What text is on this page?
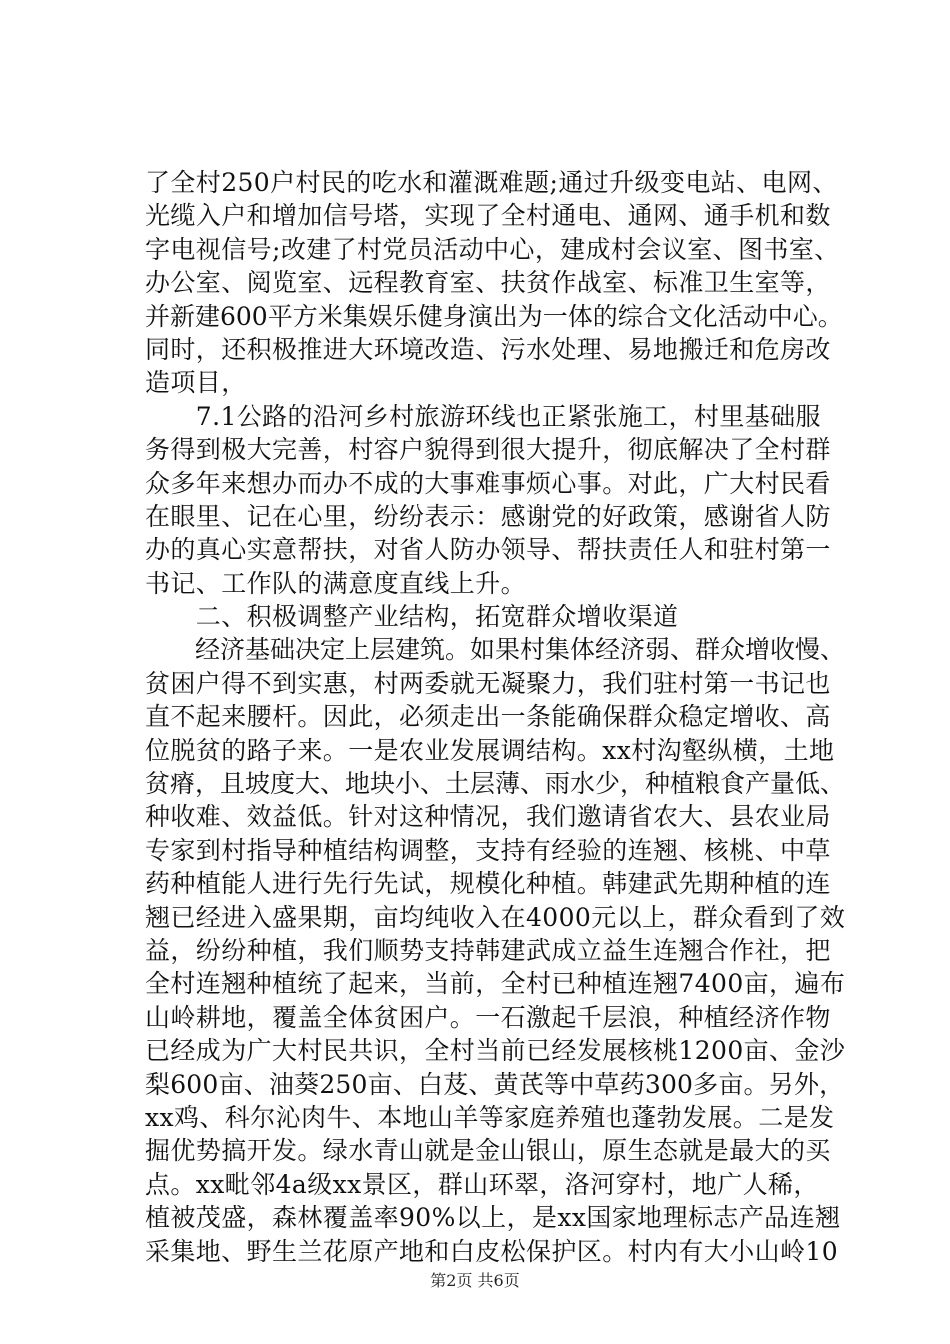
了全村250户村民的吃水和灌溉难题;通过升级变电站、电网、
光缆入户和增加信号塔，实现了全村通电、通网、通手机和数
字电视信号;改建了村党员活动中心，建成村会议室、图书室、
办公室、阅览室、远程教育室、扶贫作战室、标准卫生室等，
并新建600平方米集娱乐健身演出为一体的综合文化活动中心。
同时，还积极推进大环境改造、污水处理、易地搬迁和危房改
造项目，
　　7.1公路的沿河乡村旅游环线也正紧张施工，村里基础服
务得到极大完善，村容户貌得到很大提升，彻底解决了全村群
众多年来想办而办不成的大事难事烦心事。对此，广大村民看
在眼里、记在心里，纷纷表示：感谢党的好政策，感谢省人防
办的真心实意帮扶，对省人防办领导、帮扶责任人和驻村第一
书记、工作队的满意度直线上升。
　　二、积极调整产业结构，拓宽群众增收渠道
　　经济基础决定上层建筑。如果村集体经济弱、群众增收慢、
贫困户得不到实惠，村两委就无凝聚力，我们驻村第一书记也
直不起来腰杆。因此，必须走出一条能确保群众稳定增收、高
位脱贫的路子来。一是农业发展调结构。xx村沟壑纵横，土地
贫瘠，且坡度大、地块小、土层薄、雨水少，种植粮食产量低、
种收难、效益低。针对这种情况，我们邀请省农大、县农业局
专家到村指导种植结构调整，支持有经验的连翘、核桃、中草
药种植能人进行先行先试，规模化种植。韩建武先期种植的连
翘已经进入盛果期，亩均纯收入在4000元以上，群众看到了效
益，纷纷种植，我们顺势支持韩建武成立益生连翘合作社，把
全村连翘种植统了起来，当前，全村已种植连翘7400亩，遍布
山岭耕地，覆盖全体贫困户。一石激起千层浪，种植经济作物
已经成为广大村民共识，全村当前已经发展核桃1200亩、金沙
梨600亩、油葵250亩、白芨、黄芪等中草药300多亩。另外，
xx鸡、科尔沁肉牛、本地山羊等家庭养殖也蓬勃发展。二是发
掘优势搞开发。绿水青山就是金山银山，原生态就是最大的买
点。xx毗邻4a级xx景区，群山环翠，洛河穿村，地广人稀，
植被茂盛，森林覆盖率90%以上，是xx国家地理标志产品连翘
采集地、野生兰花原产地和白皮松保护区。村内有大小山岭10
第2页 共6页
